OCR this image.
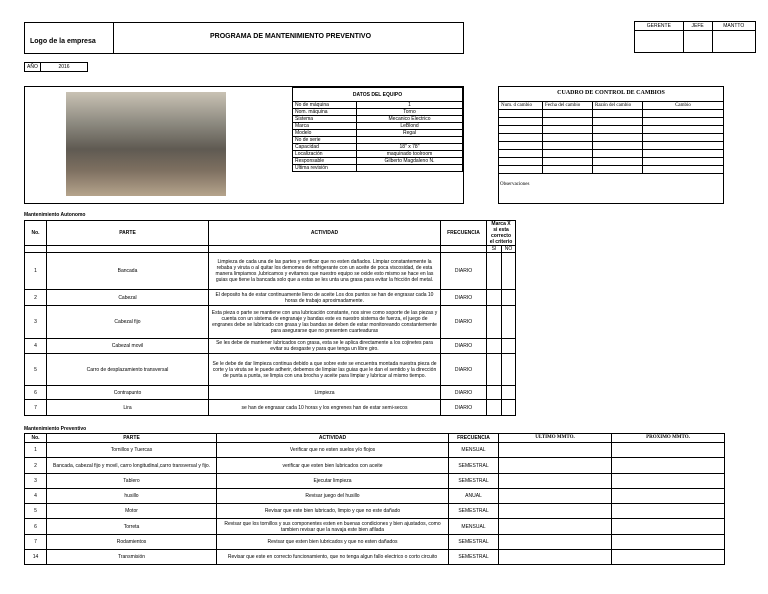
Logo de la empresa
PROGRAMA DE MANTENIMIENTO PREVENTIVO
GERENTE	JEFE	MANTTO

AÑO	2016
DATOS DEL EQUIPO	
No de máquina	1
Nom. máquina	Torno
Sistema	Mecanico Electrico
Marca	LeBlond
Modelo	Regal
No de serie	
Capacidad	18" x 78"
Localización	maquinado toolroom
Responsable	Gilberto Magdaleno N.
Ultima revisión	
CUADRO DE CONTROL DE CAMBIOS
Num. d cambio	Fecha del cambio	Razón del cambio	Cambio

Observaciones
Mantenimiento Autonomo
No.	PARTE	ACTIVIDAD	FRECUENCIA	Marca X si esta correcto el criterio	
				SI	NO
1	Bancada	Limpieza de cada una de las partes y verificar que no esten dañados. Limpiar constantemente la rebaba y viruta o al quitar los demomes de refrigerante con un aceite de poca viscosidad, de esta manera limpiamos ,lubricamos y evitamos que nuestro equipo se oxide esto mismo se hace en las guias que tiene la bancada solo que a estas se les unta una grasa para evitar la fricción del metal.	DIARIO		
2	Cabezal	El deposito ha de estar continuamente lleno de aceite Los dos puntos se han de engrasar cada 10 horas de trabajo aproximadamente.	DIARIO		
3	Cabezal fijo	Esta pieza o parte se mantiene con una lubricación constante, nos sirve como soporte de las piezas y cuenta con un sistema de engranaje y bandas este es nuestro sistema de fuerza, el juego de engranes debe se lubricado con grasa y las bandas se deben de estar monitoreando constantemente para asegurarse que no presenten cuarteaduras	DIARIO		
4	Cabezal movil	Se les debe de mantener lubricados con grasa, esta se le aplica directamente a los cojinetes para evitar su desgaste y para que tenga un libre giro.	DIARIO		
5	Carro de desplazamiento transversal	Se le debe de dar limpieza continua debido a que sobre este se encuentra montada nuestra pieza de corte y la viruta se le puede adherir, debemos de limpiar las guias que le dan el sentido y la dirección de punta a punta, se limpia con una brocha y aceite para limpiar y lubricar al mismo tiempo.	DIARIO		
6	Contrapunto	Limpieza	DIARIO		
7	Lira	se han de engrasar cada 10 horas y los engrenes han de estar semi-secos	DIARIO		
Mantenimiento Preventivo
No.	PARTE	ACTIVIDAD	FRECUENCIA	ULTIMO MMTO.	PROXIMO MMTO.
1	Tornillos y Tuercas	Verificar que no esten suelos y/o flojos	MENSUAL		
2	Bancada, cabezal fijo y movil, carro longitudinal,carro transversal y fijo.	verificar que esten bien lubricados con aceite	SEMESTRAL		
3	Tablero	Ejecutar limpieza	SEMESTRAL		
4	husillo	Revisar juego del husillo	ANUAL		
5	Motor	Revisar que este bien lubricado, limpio y que no este dañado	SEMESTRAL		
6	Torreta	Revisar que los tornillos y sus componentes esten en buenas condiciones y bien ajustados, como tambien revisar que la navaja este bien afilada	MENSUAL		
7	Rodamientos	Revisar que esten bien lubricados y que no esten dañados	SEMESTRAL		
14	Transmisión	Revisar que este en correcto funcionamiento, que no tenga algun fallo electrico o corto circuito	SEMESTRAL		
